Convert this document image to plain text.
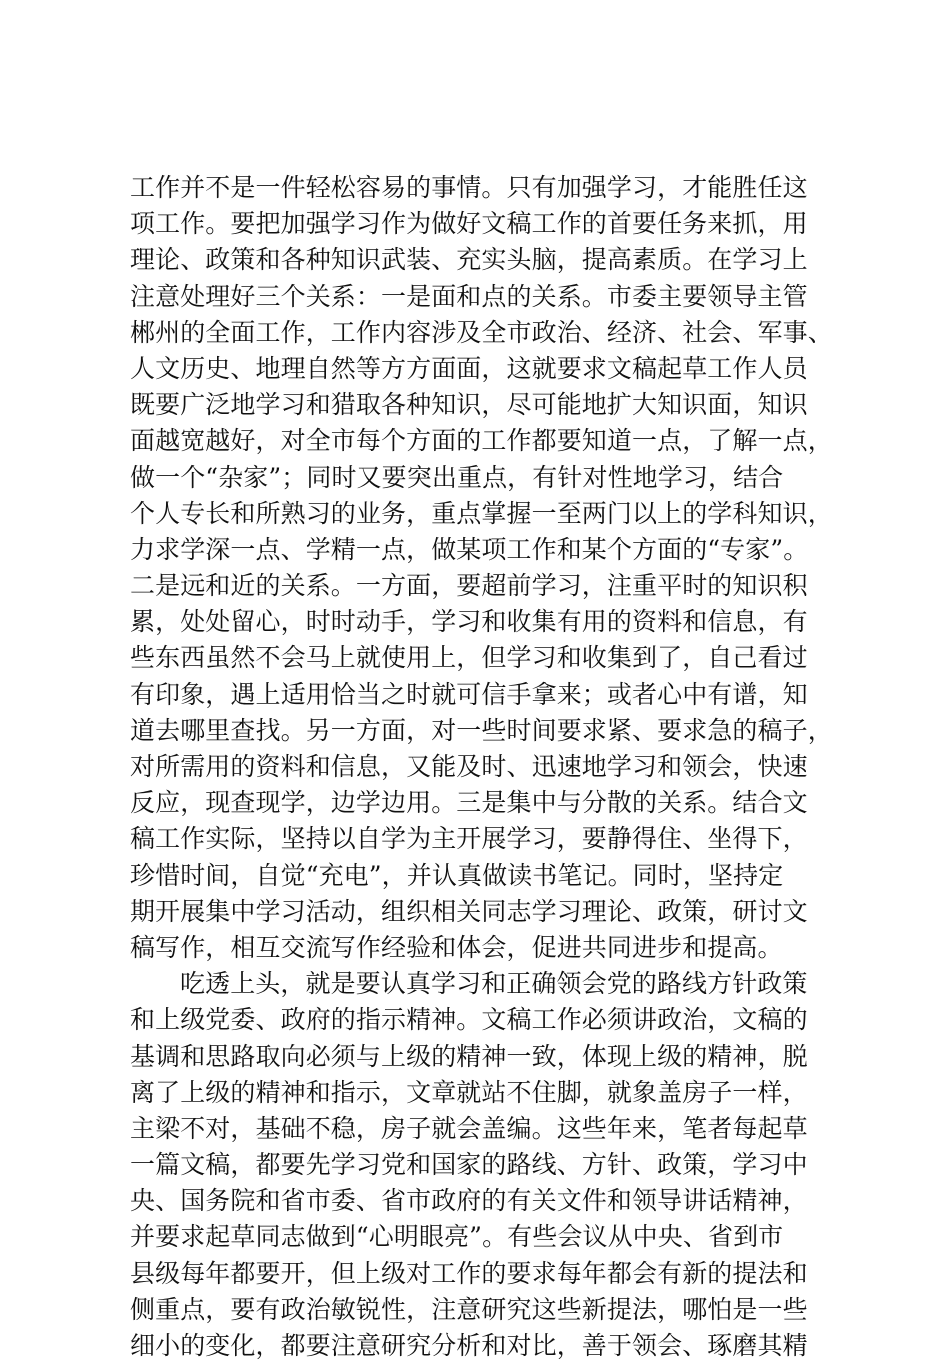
工作并不是一件轻松容易的事情。只有加强学习，才能胜任这
项工作。要把加强学习作为做好文稿工作的首要任务来抓，用
理论、政策和各种知识武装、充实头脑，提高素质。在学习上
注意处理好三个关系：一是面和点的关系。市委主要领导主管
郴州的全面工作，工作内容涉及全市政治、经济、社会、军事、
人文历史、地理自然等方方面面，这就要求文稿起草工作人员
既要广泛地学习和猎取各种知识，尽可能地扩大知识面，知识
面越宽越好，对全市每个方面的工作都要知道一点，了解一点，
做一个“杂家”；同时又要突出重点，有针对性地学习，结合
个人专长和所熟习的业务，重点掌握一至两门以上的学科知识，
力求学深一点、学精一点，做某项工作和某个方面的“专家”。
二是远和近的关系。一方面，要超前学习，注重平时的知识积
累，处处留心，时时动手，学习和收集有用的资料和信息，有
些东西虽然不会马上就使用上，但学习和收集到了，自己看过
有印象，遇上适用恰当之时就可信手拿来；或者心中有谱，知
道去哪里查找。另一方面，对一些时间要求紧、要求急的稿子，
对所需用的资料和信息，又能及时、迅速地学习和领会，快速
反应，现查现学，边学边用。三是集中与分散的关系。结合文
稿工作实际，坚持以自学为主开展学习，要静得住、坐得下，
珍惜时间，自觉“充电”，并认真做读书笔记。同时，坚持定
期开展集中学习活动，组织相关同志学习理论、政策，研讨文
稿写作，相互交流写作经验和体会，促进共同进步和提高。
吃透上头，就是要认真学习和正确领会党的路线方针政策
和上级党委、政府的指示精神。文稿工作必须讲政治，文稿的
基调和思路取向必须与上级的精神一致，体现上级的精神，脱
离了上级的精神和指示，文章就站不住脚，就象盖房子一样，
主梁不对，基础不稳，房子就会盖编。这些年来，笔者每起草
一篇文稿，都要先学习党和国家的路线、方针、政策，学习中
央、国务院和省市委、省市政府的有关文件和领导讲话精神，
并要求起草同志做到“心明眼亮”。有些会议从中央、省到市
县级每年都要开，但上级对工作的要求每年都会有新的提法和
侧重点，要有政治敏锐性，注意研究这些新提法，哪怕是一些
细小的变化，都要注意研究分析和对比，善于领会、琢磨其精
